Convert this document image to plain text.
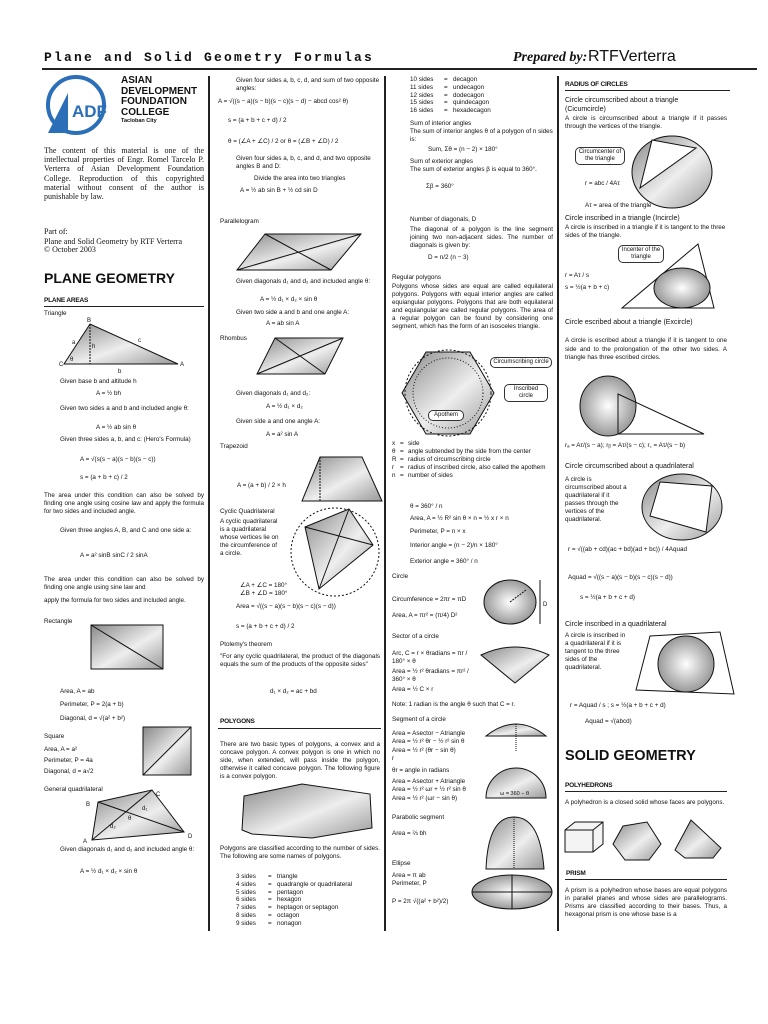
Plane and Solid Geometry Formulas	Prepared by: RTFVerterra
ADF
ASIAN
DEVELOPMENT
FOUNDATION
COLLEGE
Tacloban City
The content of this material is one of the intellectual properties of Engr. Romel Tarcelo P. Verterra of Asian Development Foundation College. Reproduction of this copyrighted material without consent of the author is punishable by law.
Part of:
Plane and Solid Geometry by RTF Verterra © October 2003
PLANE GEOMETRY
PLANE AREAS
Triangle
B
c
a
h
θ
C	A
b
Given base b and altitude h
A = ½ bh
Given two sides a and b and included angle θ:
A = ½ ab sin θ
Given three sides a, b, and c: (Hero's Formula)
A = √(s(s − a)(s − b)(s − c))
s = (a + b + c) / 2
The area under this condition can also be solved by finding one angle using cosine law and apply the formula for two sides and included angle.
Given three angles A, B, and C and one side a:
A = a² sinB sinC / 2 sinA
The area under this condition can also be solved by finding one angle using sine law and
apply the formula for two sides and included angle.
Rectangle
Area, A = ab
Perimeter, P = 2(a + b)
Diagonal, d = √(a² + b²)
Square
Area, A = a²
Perimeter, P = 4a
Diagonal, d = a√2
General quadrilateral
B
C
A
D
d₁
d₂
θ
Given diagonals d₁ and d₂ and included angle θ:
A = ½ d₁ × d₂ × sin θ
Given four sides a, b, c, d, and sum of two opposite angles:
A = √((s − a)(s − b)(s − c)(s − d) − abcd cos² θ)
s = (a + b + c + d) / 2
θ = (∠A + ∠C) / 2 or θ = (∠B + ∠D) / 2
Given four sides a, b, c, and d, and two opposite angles B and D:
Divide the area into two triangles
A = ½ ab sin B + ½ cd sin D
Parallelogram
Given diagonals d₁ and d₂ and included angle θ:
A = ½ d₁ × d₂ × sin θ
Given two side a and b and one angle A:
A = ab sin A
Rhombus
Given diagonals d₁ and d₂:
A = ½ d₁ × d₂
Given side a and one angle A:
A = a² sin A
Trapezoid
A = (a + b) / 2 × h
Cyclic Quadrilateral
A cyclic quadrilateral is a quadrilateral whose vertices lie on the circumference of a circle.
∠A + ∠C = 180°
∠B + ∠D = 180°
Area = √((s − a)(s − b)(s − c)(s − d))
s = (a + b + c + d) / 2
Ptolemy's theorem
"For any cyclic quadrilateral, the product of the diagonals equals the sum of the products of the opposite sides"
d₁ × d₂ = ac + bd
POLYGONS
There are two basic types of polygons, a convex and a concave polygon. A convex polygon is one in which no side, when extended, will pass inside the polygon, otherwise it called concave polygon. The following figure is a convex polygon.
Polygons are classified according to the number of sides. The following are some names of polygons.
3 sides =   triangle
4 sides =   quadrangle or quadrilateral
5 sides =   pentagon
6 sides =   hexagon
7 sides =   heptagon or septagon
8 sides =   octagon
9 sides =   nonagon
10 sides =   decagon
11 sides =   undecagon
12 sides =   dodecagon
15 sides =   quindecagon
16 sides =   hexadecagon
Sum of interior angles
The sum of interior angles θ of a polygon of n sides is:
Sum, Σθ = (n − 2) × 180°
Sum of exterior angles
The sum of exterior angles β is equal to 360°.
Σβ = 360°
Number of diagonals, D
The diagonal of a polygon is the line segment joining two non-adjacent sides. The number of diagonals is given by:
D = n/2 (n − 3)
Regular polygons
Polygons whose sides are equal are called equilateral polygons. Polygons with equal interior angles are called equiangular polygons. Polygons that are both equilateral and equiangular are called regular polygons. The area of a regular polygon can be found by considering one segment, which has the form of an isosceles triangle.
Circumscribing circle
Inscribed circle
Apothem
x = side
θ = angle subtended by the side from the center
R = radius of circumscribing circle
r = radius of inscribed circle, also called the apothem
n = number of sides
θ = 360° / n
Area, A = ½ R² sin θ × n = ½ x r × n
Perimeter, P = n × x
Interior angle = (n − 2)/n × 180°
Exterior angle = 360° / n
Circle
D
Circumference = 2πr = πD
Area, A = πr² = (π/4) D²
Sector of a circle
Arc, C = r × θradians = πr / 180° × θ
Area = ½ r² θradians = πr² / 360° × θ
Area = ½ C × r
Note: 1 radian is the angle θ such that C = r.
Segment of a circle
Area = Asector − Atriangle
Area = ½ r² θr − ½ r² sin θ
Area = ½ r² (θr − sin θ)
r
θr = angle in radians
Area = Asector + Atriangle
Area = ½ r² ωr + ½ r² sin θ
Area = ½ r² (ωr − sin θ)
ω = 360 − θ
Parabolic segment
Area = ⅔ bh
Ellipse
Area = π ab
Perimeter, P
P = 2π √((a² + b²)/2)
RADIUS OF CIRCLES
Circle circumscribed about a triangle (Cicumcircle)
A circle is circumscribed about a triangle if it passes through the vertices of the triangle.
Circumcenter of the triangle
r = abc / 4Aτ
Aτ = area of the triangle
Circle inscribed in a triangle (Incircle)
A circle is inscribed in a triangle if it is tangent to the three sides of the triangle.
Incenter of the triangle
r = Aτ / s
s = ½(a + b + c)
Circle escribed about a triangle (Excircle)
A circle is escribed about a triangle if it is tangent to one side and to the prolongation of the other two sides. A triangle has three escribed circles.
rₐ = Aτ/(s − a); rᵦ = Aτ/(s − c); r꜀ = Aτ/(s − b)
Circle circumscribed about a quadrilateral
A circle is circumscribed about a quadrilateral if it passes through the vertices of the quadrilateral.
r = √((ab + cd)(ac + bd)(ad + bc)) / 4Aquad
Aquad = √((s − a)(s − b)(s − c)(s − d))
s = ½(a + b + c + d)
Circle inscribed in a quadrilateral
A circle is inscribed in a quadrilateral if it is tangent to the three sides of the quadrilateral.
r = Aquad / s ; s = ½(a + b + c + d)
Aquad = √(abcd)
SOLID GEOMETRY
POLYHEDRONS
A polyhedron is a closed solid whose faces are polygons.
PRISM
A prism is a polyhedron whose bases are equal polygons in parallel planes and whose sides are parallelograms. Prisms are classified according to their bases. Thus, a hexagonal prism is one whose base is a
